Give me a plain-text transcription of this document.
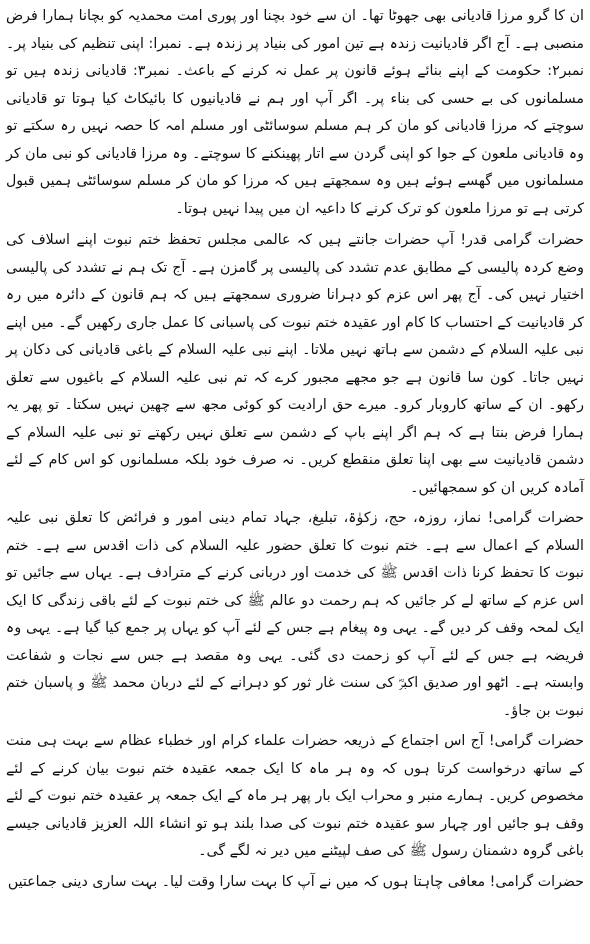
ان کا گرو مرزا قادیانی بھی جھوٹا تھا۔ ان سے خود بچنا اور پوری امت محمدیہ کو بچانا ہمارا فرض منصبی ہے۔ آج اگر قادیانیت زندہ ہے تین امور کی بنیاد پر زندہ ہے۔ نمبرا: اپنی تنظیم کی بنیاد پر۔ نمبر۲: حکومت کے اپنے بنائے ہوئے قانون پر عمل نہ کرنے کے باعث۔ نمبر۳: قادیانی زندہ ہیں تو مسلمانوں کی بے حسی کی بناء پر۔ اگر آپ اور ہم نے قادیانیوں کا بائیکاٹ کیا ہوتا تو قادیانی سوچتے کہ مرزا قادیانی کو مان کر ہم مسلم سوسائٹی اور مسلم امہ کا حصہ نہیں رہ سکتے تو وہ قادیانی ملعون کے جوا کو اپنی گردن سے اتار پھینکنے کا سوچتے۔ وہ مرزا قادیانی کو نبی مان کر مسلمانوں میں گھسے ہوئے ہیں وہ سمجھتے ہیں کہ مرزا کو مان کر مسلم سوسائٹی ہمیں قبول کرتی ہے تو مرزا ملعون کو ترک کرنے کا داعیہ ان میں پیدا نہیں ہوتا۔

حضرات گرامی قدر! آپ حضرات جانتے ہیں کہ عالمی مجلس تحفظ ختم نبوت اپنے اسلاف کی وضع کردہ پالیسی کے مطابق عدم تشدد کی پالیسی پر گامزن ہے۔ آج تک ہم نے تشدد کی پالیسی اختیار نہیں کی۔ آج پھر اس عزم کو دہرانا ضروری سمجھتے ہیں کہ ہم قانون کے دائرہ میں رہ کر قادیانیت کے احتساب کا کام اور عقیدہ ختم نبوت کی پاسبانی کا عمل جاری رکھیں گے۔ میں اپنے نبی علیہ السلام کے دشمن سے ہاتھ نہیں ملاتا۔ اپنے نبی علیہ السلام کے باغی قادیانی کی دکان پر نہیں جاتا۔ کون سا قانون ہے جو مجھے مجبور کرے کہ تم نبی علیہ السلام کے باغیوں سے تعلق رکھو۔ ان کے ساتھ کاروبار کرو۔ میرے حق ارادیت کو کوئی مجھ سے چھین نہیں سکتا۔ تو پھر یہ ہمارا فرض بنتا ہے کہ ہم اگر اپنے باپ کے دشمن سے تعلق نہیں رکھتے تو نبی علیہ السلام کے دشمن قادیانیت سے بھی اپنا تعلق منقطع کریں۔ نہ صرف خود بلکہ مسلمانوں کو اس کام کے لئے آمادہ کریں ان کو سمجھائیں۔

حضرات گرامی! نماز، روزہ، حج، زکوٰۃ، تبلیغ، جہاد تمام دینی امور و فرائض کا تعلق نبی علیہ السلام کے اعمال سے ہے۔ ختم نبوت کا تعلق حضور علیہ السلام کی ذات اقدس سے ہے۔ ختم نبوت کا تحفظ کرنا ذات اقدس ﷺ کی خدمت اور دربانی کرنے کے مترادف ہے۔ یہاں سے جائیں تو اس عزم کے ساتھ لے کر جائیں کہ ہم رحمت دو عالم ﷺ کی ختم نبوت کے لئے باقی زندگی کا ایک ایک لمحہ وقف کر دیں گے۔ یہی وہ پیغام ہے جس کے لئے آپ کو یہاں پر جمع کیا گیا ہے۔ یہی وہ فریضہ ہے جس کے لئے آپ کو زحمت دی گئی۔ یہی وہ مقصد ہے جس سے نجات و شفاعت وابستہ ہے۔ اٹھو اور صدیق اکبرؓ کی سنت غار ثور کو دہرانے کے لئے دربان محمد ﷺ و پاسبان ختم نبوت بن جاؤ۔

حضرات گرامی! آج اس اجتماع کے ذریعہ حضرات علماء کرام اور خطباء عظام سے بہت ہی منت کے ساتھ درخواست کرتا ہوں کہ وہ ہر ماہ کا ایک جمعہ عقیدہ ختم نبوت بیان کرنے کے لئے مخصوص کریں۔ ہمارے منبر و محراب ایک بار پھر ہر ماہ کے ایک جمعہ پر عقیدہ ختم نبوت کے لئے وقف ہو جائیں اور چہار سو عقیدہ ختم نبوت کی صدا بلند ہو تو انشاء اللہ العزیز قادیانی جیسے باغی گروہ دشمنان رسول ﷺ کی صف لپیٹنے میں دیر نہ لگے گی۔

حضرات گرامی! معافی چاہتا ہوں کہ میں نے آپ کا بہت سارا وقت لیا۔ بہت ساری دینی جماعتیں
